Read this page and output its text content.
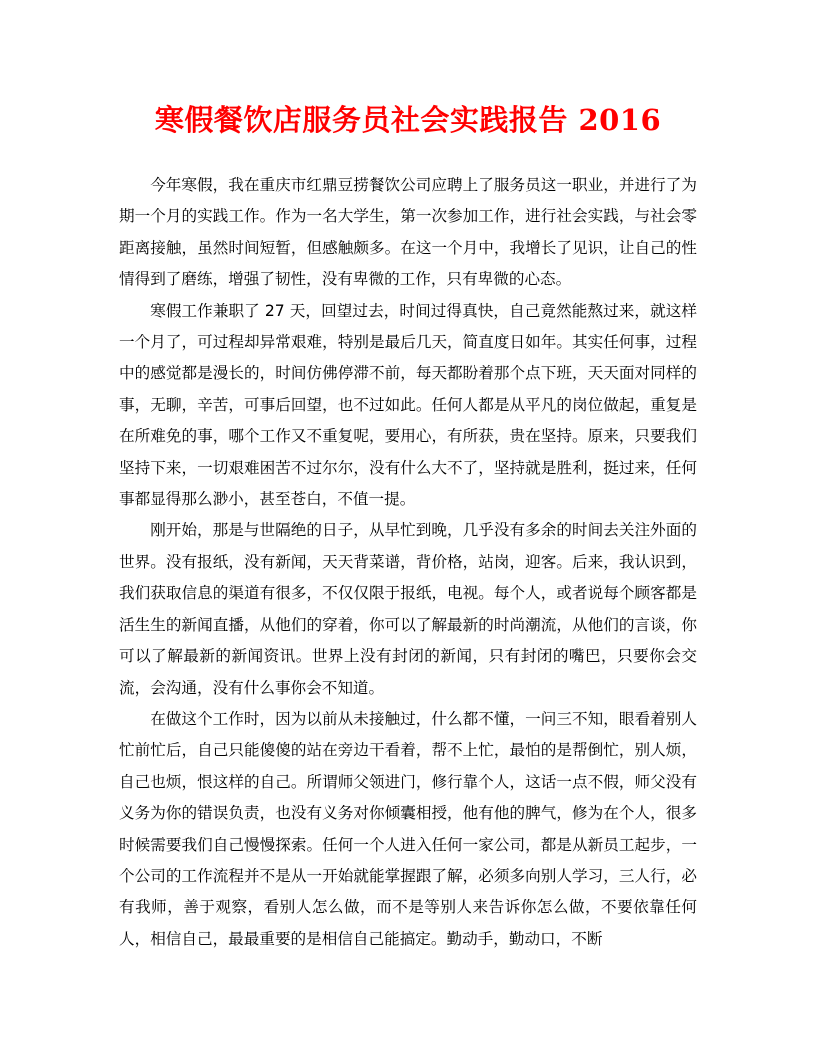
寒假餐饮店服务员社会实践报告 2016

今年寒假，我在重庆市红鼎豆捞餐饮公司应聘上了服务员这一职业，并进行了为期一个月的实践工作。作为一名大学生，第一次参加工作，进行社会实践，与社会零距离接触，虽然时间短暂，但感触颇多。在这一个月中，我增长了见识，让自己的性情得到了磨练，增强了韧性，没有卑微的工作，只有卑微的心态。

寒假工作兼职了 27 天，回望过去，时间过得真快，自己竟然能熬过来，就这样一个月了，可过程却异常艰难，特别是最后几天，简直度日如年。其实任何事，过程中的感觉都是漫长的，时间仿佛停滞不前，每天都盼着那个点下班，天天面对同样的事，无聊，辛苦，可事后回望，也不过如此。任何人都是从平凡的岗位做起，重复是在所难免的事，哪个工作又不重复呢，要用心，有所获，贵在坚持。原来，只要我们坚持下来，一切艰难困苦不过尔尔，没有什么大不了，坚持就是胜利，挺过来，任何事都显得那么渺小，甚至苍白，不值一提。

刚开始，那是与世隔绝的日子，从早忙到晚，几乎没有多余的时间去关注外面的世界。没有报纸，没有新闻，天天背菜谱，背价格，站岗，迎客。后来，我认识到，我们获取信息的渠道有很多，不仅仅限于报纸，电视。每个人，或者说每个顾客都是活生生的新闻直播，从他们的穿着，你可以了解最新的时尚潮流，从他们的言谈，你可以了解最新的新闻资讯。世界上没有封闭的新闻，只有封闭的嘴巴，只要你会交流，会沟通，没有什么事你会不知道。

在做这个工作时，因为以前从未接触过，什么都不懂，一问三不知，眼看着别人忙前忙后，自己只能傻傻的站在旁边干看着，帮不上忙，最怕的是帮倒忙，别人烦，自己也烦，恨这样的自己。所谓师父领进门，修行靠个人，这话一点不假，师父没有义务为你的错误负责，也没有义务对你倾囊相授，他有他的脾气，修为在个人，很多时候需要我们自己慢慢探索。任何一个人进入任何一家公司，都是从新员工起步，一个公司的工作流程并不是从一开始就能掌握跟了解，必须多向别人学习，三人行，必有我师，善于观察，看别人怎么做，而不是等别人来告诉你怎么做，不要依靠任何人，相信自己，最最重要的是相信自己能搞定。勤动手，勤动口，不断
